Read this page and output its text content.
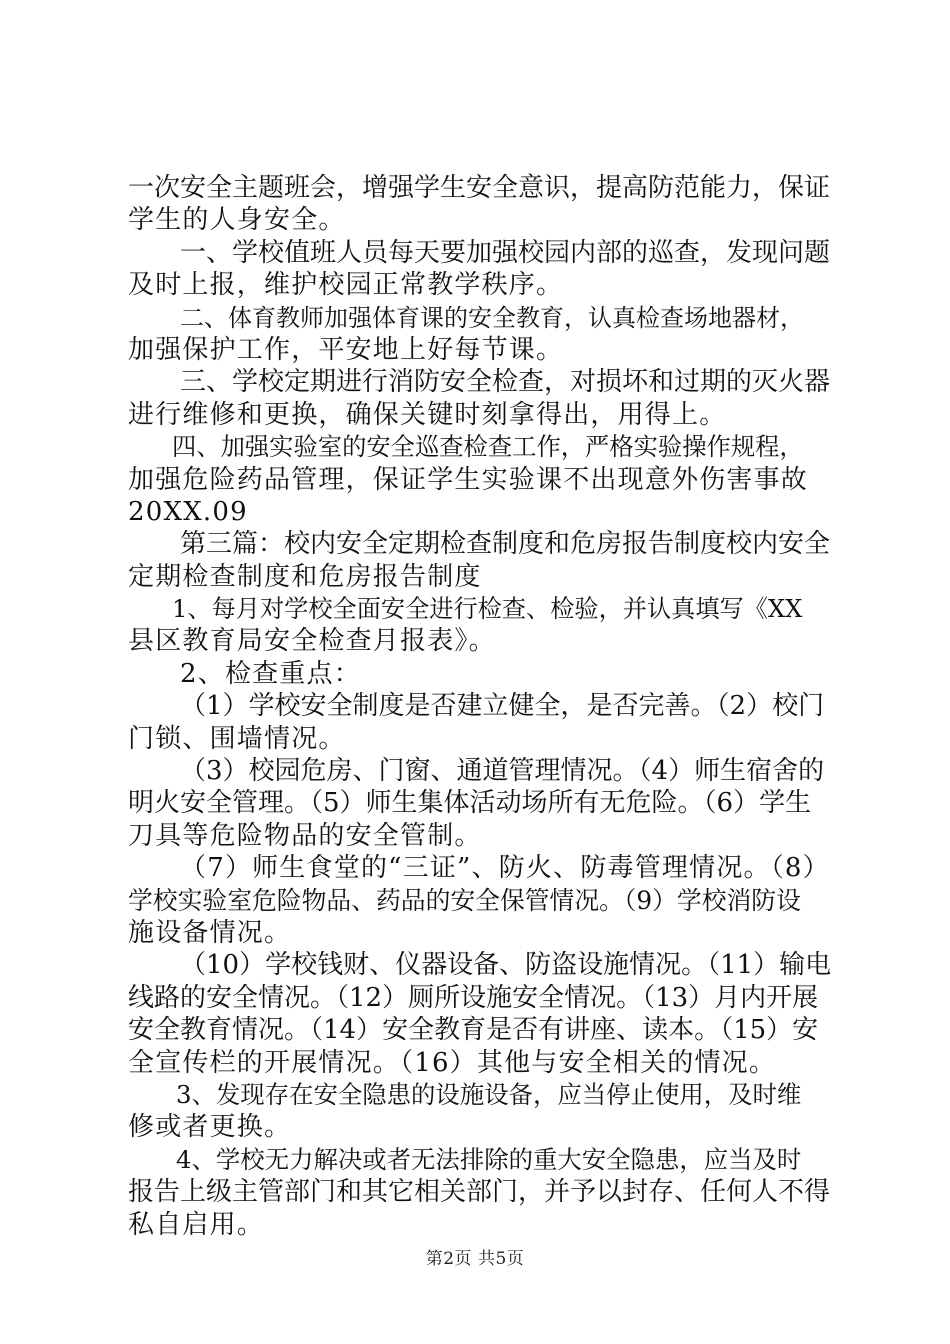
一次安全主题班会，增强学生安全意识，提高防范能力，保证
学生的人身安全。
一、学校值班人员每天要加强校园内部的巡查，发现问题
及时上报，维护校园正常教学秩序。
二、体育教师加强体育课的安全教育，认真检查场地器材，
加强保护工作，平安地上好每节课。
三、学校定期进行消防安全检查，对损坏和过期的灭火器
进行维修和更换，确保关键时刻拿得出，用得上。
四、加强实验室的安全巡查检查工作，严格实验操作规程，
加强危险药品管理，保证学生实验课不出现意外伤害事故
20XX.09
第三篇：校内安全定期检查制度和危房报告制度校内安全
定期检查制度和危房报告制度
1、每月对学校全面安全进行检查、检验，并认真填写《XX
县区教育局安全检查月报表》。
2、检查重点：
（1）学校安全制度是否建立健全，是否完善。（2）校门
门锁、围墙情况。
（3）校园危房、门窗、通道管理情况。（4）师生宿舍的
明火安全管理。（5）师生集体活动场所有无危险。（6）学生
刀具等危险物品的安全管制。
（7）师生食堂的“三证”、防火、防毒管理情况。（8）
学校实验室危险物品、药品的安全保管情况。（9）学校消防设
施设备情况。
（10）学校钱财、仪器设备、防盗设施情况。（11）输电
线路的安全情况。（12）厕所设施安全情况。（13）月内开展
安全教育情况。（14）安全教育是否有讲座、读本。（15）安
全宣传栏的开展情况。（16）其他与安全相关的情况。
3、发现存在安全隐患的设施设备，应当停止使用，及时维
修或者更换。
4、学校无力解决或者无法排除的重大安全隐患，应当及时
报告上级主管部门和其它相关部门，并予以封存、任何人不得
私自启用。
第2页 共5页
